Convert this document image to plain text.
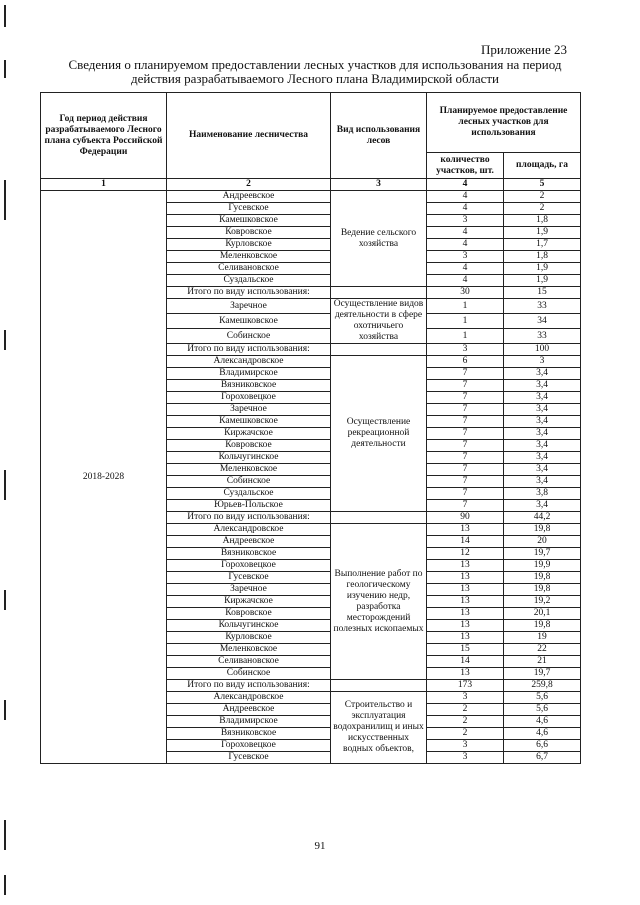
Приложение 23
Сведения о планируемом предоставлении лесных участков для использования на период
действия разрабатываемого Лесного плана Владимирской области
Год период действия разрабатываемого Лесного плана субъекта Российской Федерации	Наименование лесничества	Вид использования лесов	Планируемое предоставление лесных участков для использования	
			количество участков, шт.	площадь, га
1	2	3	4	5
2018-2028	Андреевское	Ведение сельского хозяйства	4	2
	Гусевское		4	2
	Камешковское		3	1,8
	Ковровское		4	1,9
	Курловское		4	1,7
	Меленковское		3	1,8
	Селивановское		4	1,9
	Суздальское		4	1,9
	Итого по виду использования:		30	15
	Заречное	Осуществление видов деятельности в сфере охотничьего хозяйства	1	33
	Камешковское		1	34
	Собинское		1	33
	Итого по виду использования:		3	100
	Александровское	Осуществление рекреационной деятельности	6	3
	Владимирское		7	3,4
	Вязниковское		7	3,4
	Гороховецкое		7	3,4
	Заречное		7	3,4
	Камешковское		7	3,4
	Киржачское		7	3,4
	Ковровское		7	3,4
	Кольчугинское		7	3,4
	Меленковское		7	3,4
	Собинское		7	3,4
	Суздальское		7	3,8
	Юрьев-Польское		7	3,4
	Итого по виду использования:		90	44,2
	Александровское	Выполнение работ по геологическому изучению недр, разработка месторождений полезных ископаемых	13	19,8
	Андреевское		14	20
	Вязниковское		12	19,7
	Гороховецкое		13	19,9
	Гусевское		13	19,8
	Заречное		13	19,8
	Киржачское		13	19,2
	Ковровское		13	20,1
	Кольчугинское		13	19,8
	Курловское		13	19
	Меленковское		15	22
	Селивановское		14	21
	Собинское		13	19,7
	Итого по виду использования:		173	259,8
	Александровское	Строительство и эксплуатация водохранилищ и иных искусственных водных объектов,	3	5,6
	Андреевское		2	5,6
	Владимирское		2	4,6
	Вязниковское		2	4,6
	Гороховецкое		3	6,6
	Гусевское		3	6,7
91
